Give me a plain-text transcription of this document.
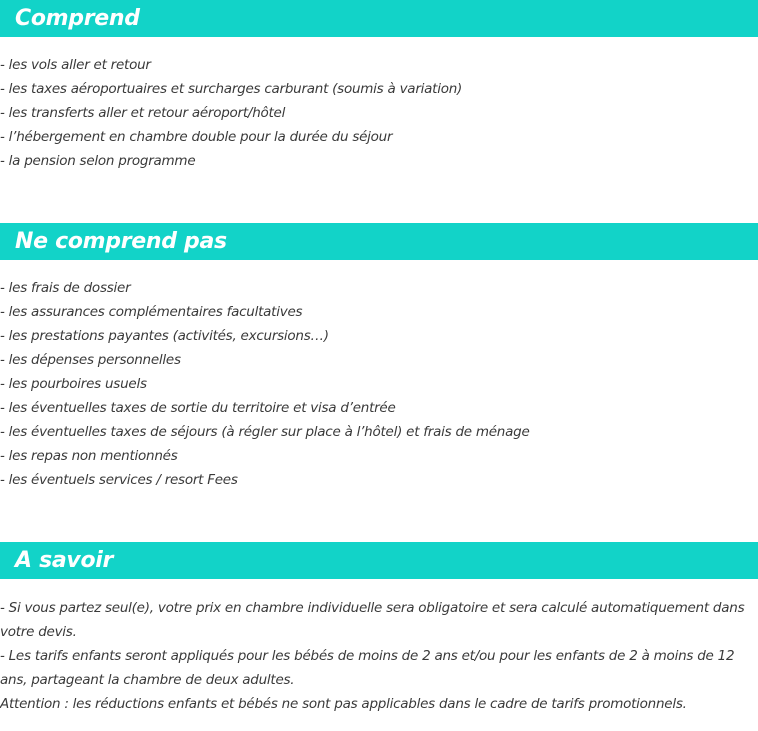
Comprend
- les vols aller et retour
- les taxes aéroportuaires et surcharges carburant (soumis à variation)
- les transferts aller et retour aéroport/hôtel
- l’hébergement en chambre double pour la durée du séjour
- la pension selon programme
Ne comprend pas
- les frais de dossier
- les assurances complémentaires facultatives
- les prestations payantes (activités, excursions…)
- les dépenses personnelles
- les pourboires usuels
- les éventuelles taxes de sortie du territoire et visa d’entrée
- les éventuelles taxes de séjours (à régler sur place à l’hôtel) et frais de ménage
- les repas non mentionnés
- les éventuels services / resort Fees
A savoir

- Si vous partez seul(e), votre prix en chambre individuelle sera obligatoire et sera calculé automatiquement dans votre devis.

- Les tarifs enfants seront appliqués pour les bébés de moins de 2 ans et/ou pour les enfants de 2 à moins de 12 ans, partageant la chambre de deux adultes.

Attention : les réductions enfants et bébés ne sont pas applicables dans le cadre de tarifs promotionnels.
